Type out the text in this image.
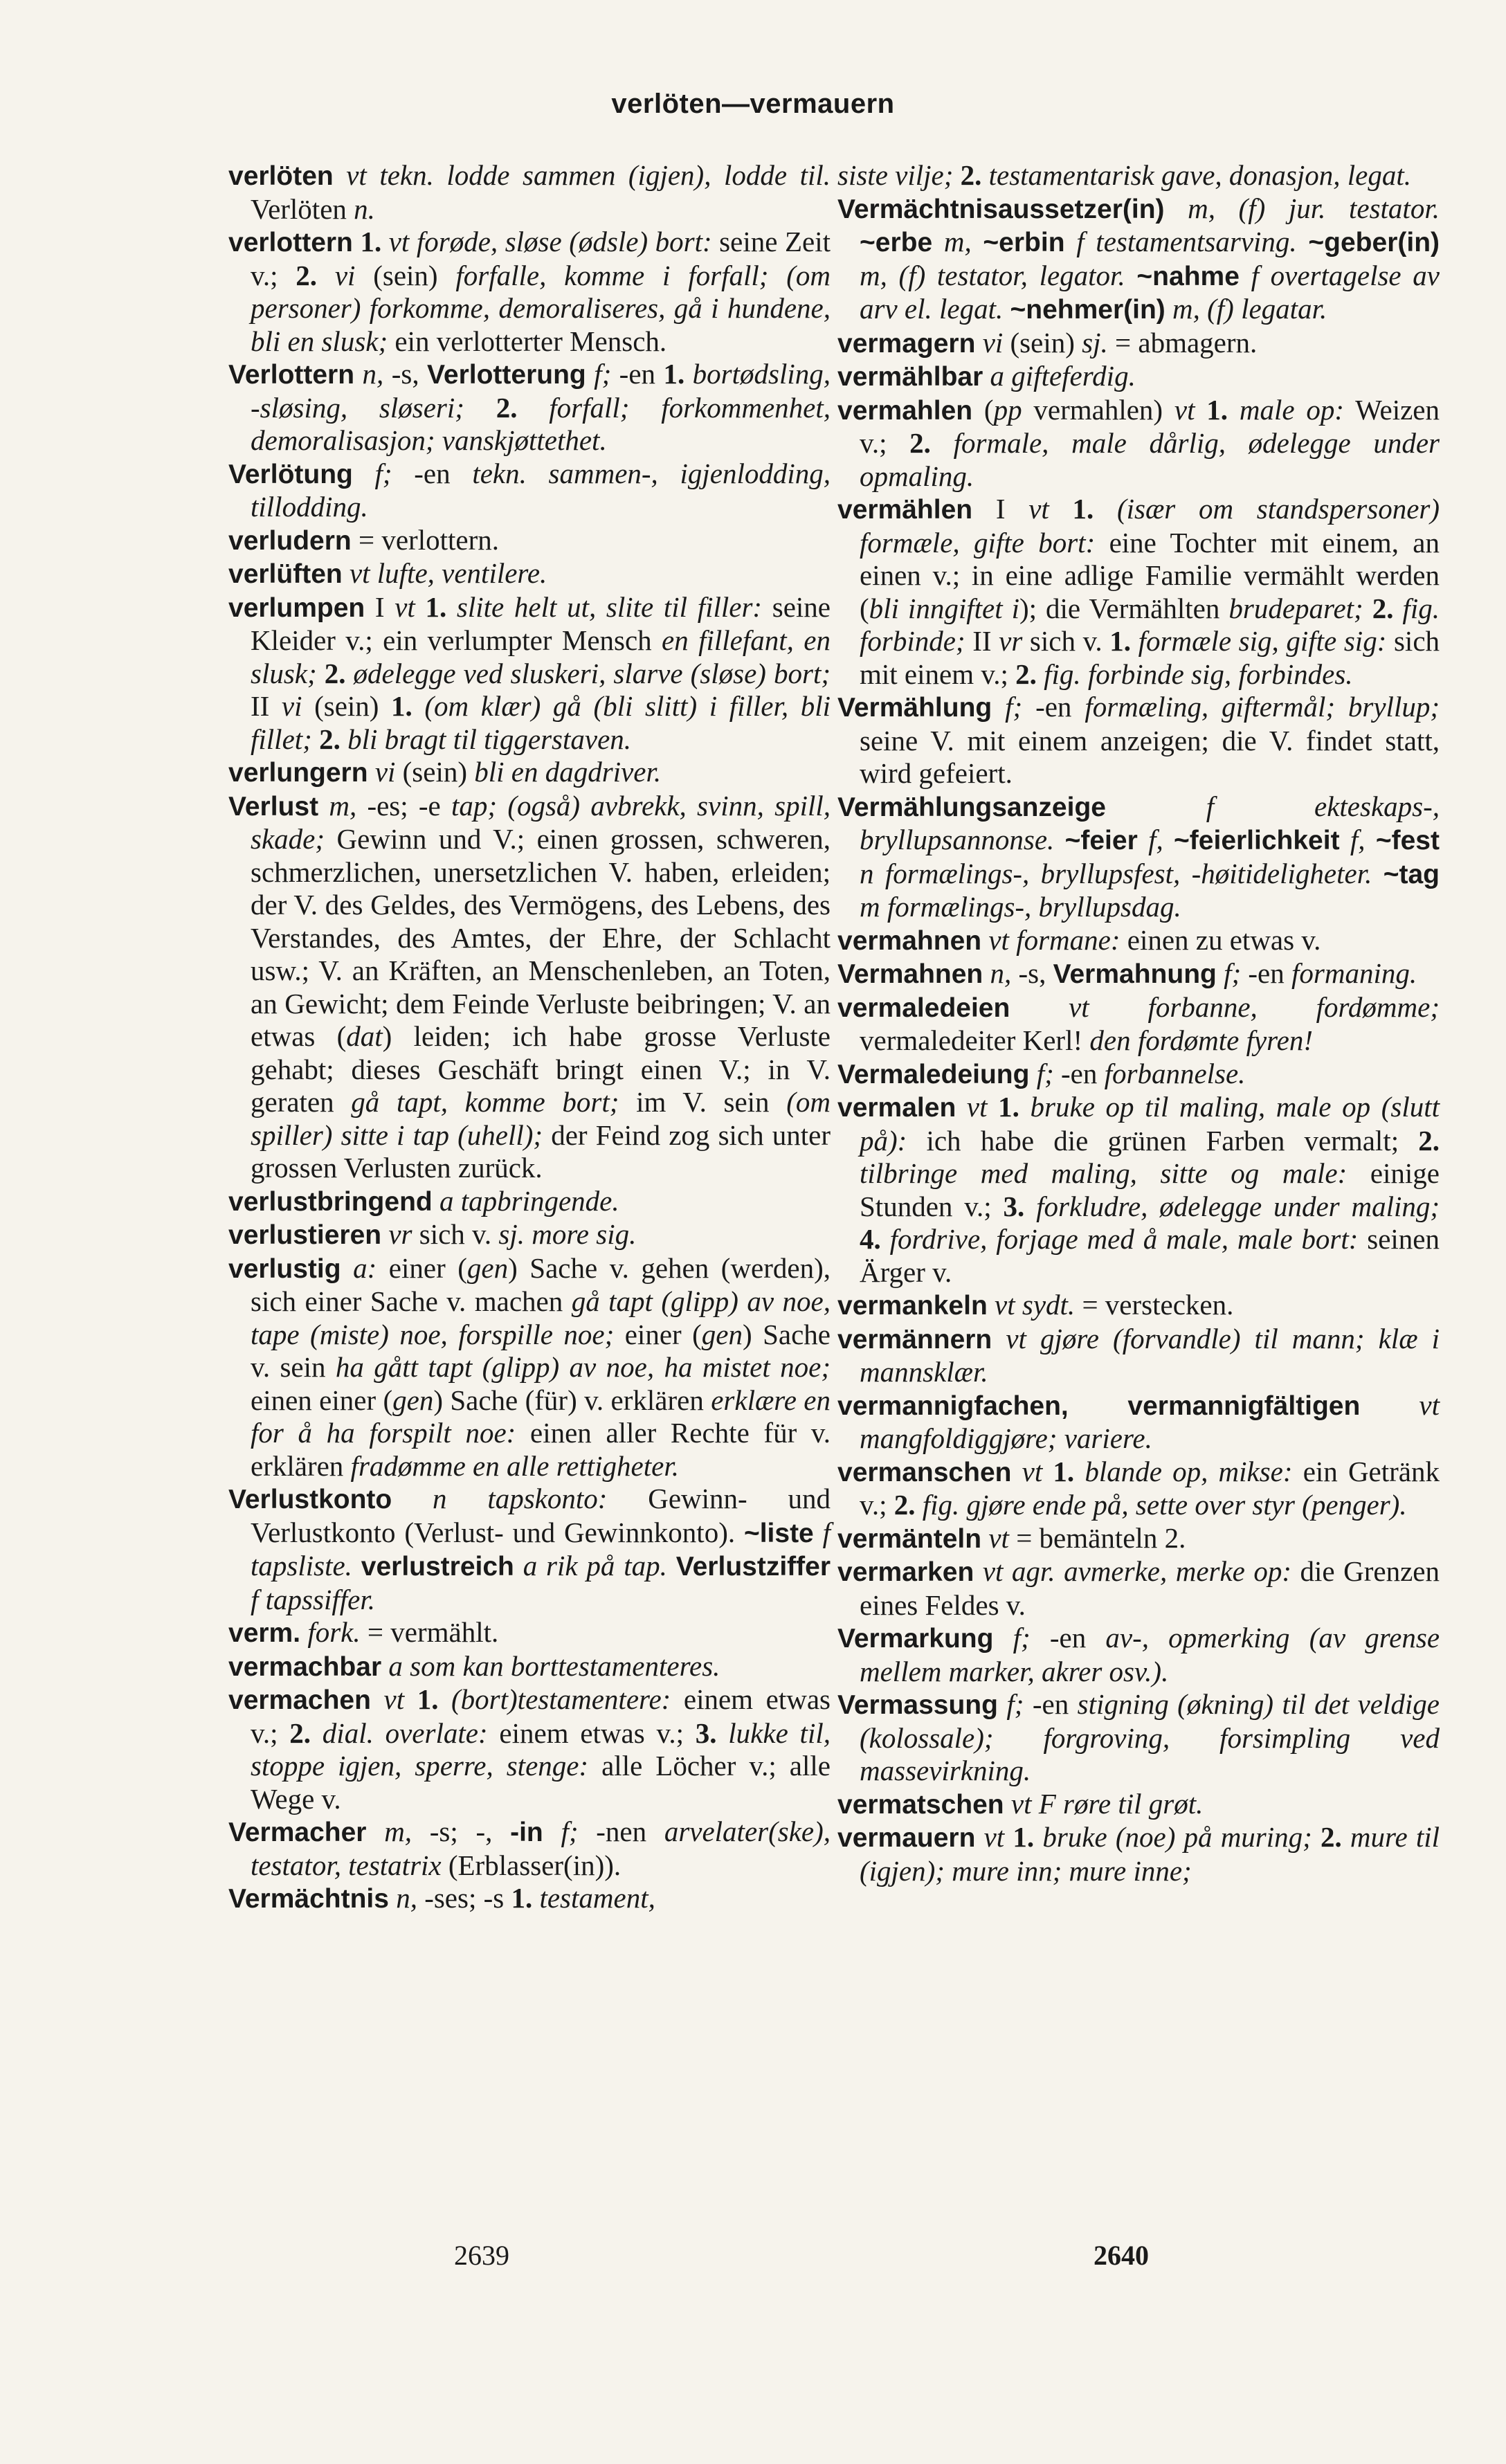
verlöten—vermauern

verlöten vt tekn. lodde sammen (igjen), lodde til. Verlöten n.

verlottern 1. vt forøde, sløse (ødsle) bort: seine Zeit v.; 2. vi (sein) forfalle, komme i forfall; (om personer) forkomme, demoraliseres, gå i hundene, bli en slusk; ein verlotterter Mensch.

Verlottern n, -s, Verlotterung f; -en 1. bortødsling, -sløsing, sløseri; 2. forfall; forkommenhet, demoralisasjon; vanskjøttethet.

Verlötung f; -en tekn. sammen-, igjenlodding, tillodding.

verludern = verlottern.

verlüften vt lufte, ventilere.

verlumpen I vt 1. slite helt ut, slite til filler: seine Kleider v.; ein verlumpter Mensch en fillefant, en slusk; 2. ødelegge ved sluskeri, slarve (sløse) bort; II vi (sein) 1. (om klær) gå (bli slitt) i filler, bli fillet; 2. bli bragt til tiggerstaven.

verlungern vi (sein) bli en dagdriver.

Verlust m, -es; -e tap; (også) avbrekk, svinn, spill, skade; Gewinn und V.; einen grossen, schweren, schmerzlichen, unersetzlichen V. haben, erleiden; der V. des Geldes, des Vermögens, des Lebens, des Verstandes, des Amtes, der Ehre, der Schlacht usw.; V. an Kräften, an Menschenleben, an Toten, an Gewicht; dem Feinde Verluste beibringen; V. an etwas (dat) leiden; ich habe grosse Verluste gehabt; dieses Geschäft bringt einen V.; in V. geraten gå tapt, komme bort; im V. sein (om spiller) sitte i tap (uhell); der Feind zog sich unter grossen Verlusten zurück.

verlustbringend a tapbringende.

verlustieren vr sich v. sj. more sig.

verlustig a: einer (gen) Sache v. gehen (werden), sich einer Sache v. machen gå tapt (glipp) av noe, tape (miste) noe, forspille noe; einer (gen) Sache v. sein ha gått tapt (glipp) av noe, ha mistet noe; einen einer (gen) Sache (für) v. erklären erklære en for å ha forspilt noe: einen aller Rechte für v. erklären fradømme en alle rettigheter.

Verlustkonto n tapskonto: Gewinn- und Verlustkonto (Verlust- und Gewinnkonto). ~liste f tapsliste. verlustreich a rik på tap. Verlustziffer f tapssiffer.

verm. fork. = vermählt.

vermachbar a som kan borttestamenteres.

vermachen vt 1. (bort)testamentere: einem etwas v.; 2. dial. overlate: einem etwas v.; 3. lukke til, stoppe igjen, sperre, stenge: alle Löcher v.; alle Wege v.

Vermacher m, -s; -, -in f; -nen arvelater(ske), testator, testatrix (Erblasser(in)).

Vermächtnis n, -ses; -s 1. testament,

siste vilje; 2. testamentarisk gave, donasjon, legat.

Vermächtnisaussetzer(in) m, (f) jur. testator. ~erbe m, ~erbin f testamentsarving. ~geber(in) m, (f) testator, legator. ~nahme f overtagelse av arv el. legat. ~nehmer(in) m, (f) legatar.

vermagern vi (sein) sj. = abmagern.

vermählbar a gifteferdig.

vermahlen (pp vermahlen) vt 1. male op: Weizen v.; 2. formale, male dårlig, ødelegge under opmaling.

vermählen I vt 1. (især om standspersoner) formæle, gifte bort: eine Tochter mit einem, an einen v.; in eine adlige Familie vermählt werden (bli inngiftet i); die Vermählten brudeparet; 2. fig. forbinde; II vr sich v. 1. formæle sig, gifte sig: sich mit einem v.; 2. fig. forbinde sig, forbindes.

Vermählung f; -en formæling, giftermål; bryllup; seine V. mit einem anzeigen; die V. findet statt, wird gefeiert.

Vermählungsanzeige f ekteskaps-, bryllupsannonse. ~feier f, ~feierlichkeit f, ~fest n formælings-, bryllupsfest, -høitideligheter. ~tag m formælings-, bryllupsdag.

vermahnen vt formane: einen zu etwas v.

Vermahnen n, -s, Vermahnung f; -en formaning.

vermaledeien vt forbanne, fordømme; vermaledeiter Kerl! den fordømte fyren!

Vermaledeiung f; -en forbannelse.

vermalen vt 1. bruke op til maling, male op (slutt på): ich habe die grünen Farben vermalt; 2. tilbringe med maling, sitte og male: einige Stunden v.; 3. forkludre, ødelegge under maling; 4. fordrive, forjage med å male, male bort: seinen Ärger v.

vermankeln vt sydt. = verstecken.

vermännern vt gjøre (forvandle) til mann; klæ i mannsklær.

vermannigfachen, vermannigfältigen vt mangfoldiggjøre; variere.

vermanschen vt 1. blande op, mikse: ein Getränk v.; 2. fig. gjøre ende på, sette over styr (penger).

vermänteln vt = bemänteln 2.

vermarken vt agr. avmerke, merke op: die Grenzen eines Feldes v.

Vermarkung f; -en av-, opmerking (av grense mellem marker, akrer osv.).

Vermassung f; -en stigning (økning) til det veldige (kolossale); forgroving, forsimpling ved massevirkning.

vermatschen vt F røre til grøt.

vermauern vt 1. bruke (noe) på muring; 2. mure til (igjen); mure inn; mure inne;

2639	2640
